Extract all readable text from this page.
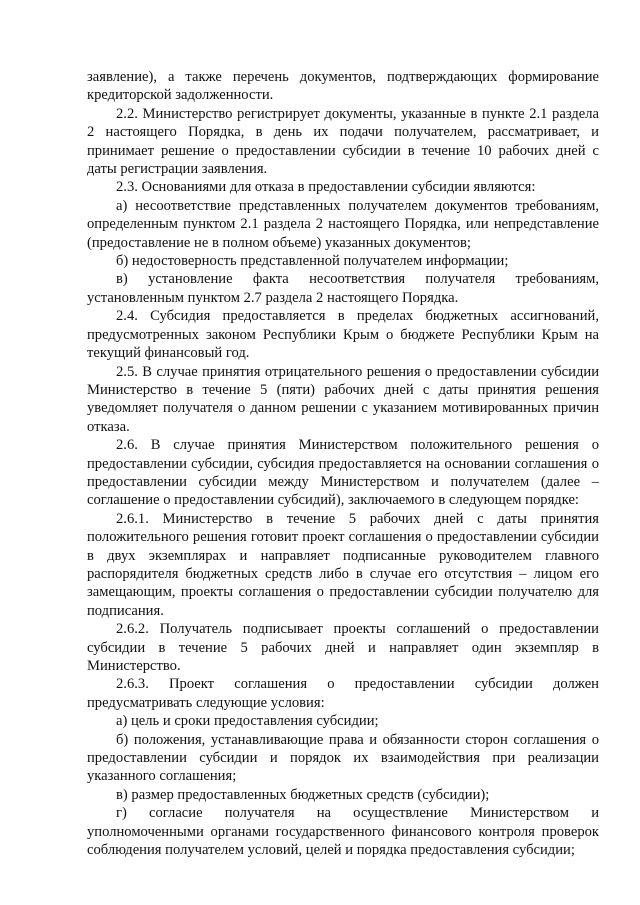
заявление), а также перечень документов, подтверждающих формирование кредиторской задолженности.

2.2. Министерство регистрирует документы, указанные в пункте 2.1 раздела 2 настоящего Порядка, в день их подачи получателем, рассматривает, и принимает решение о предоставлении субсидии в течение 10 рабочих дней с даты регистрации заявления.

2.3. Основаниями для отказа в предоставлении субсидии являются:

а) несоответствие представленных получателем документов требованиям, определенным пунктом 2.1 раздела 2 настоящего Порядка, или непредставление (предоставление не в полном объеме) указанных документов;

б) недостоверность представленной получателем информации;

в) установление факта несоответствия получателя требованиям, установленным пунктом 2.7 раздела 2 настоящего Порядка.

2.4. Субсидия предоставляется в пределах бюджетных ассигнований, предусмотренных законом Республики Крым о бюджете Республики Крым на текущий финансовый год.

2.5. В случае принятия отрицательного решения о предоставлении субсидии Министерство в течение 5 (пяти) рабочих дней с даты принятия решения уведомляет получателя о данном решении с указанием мотивированных причин отказа.

2.6. В случае принятия Министерством положительного решения о предоставлении субсидии, субсидия предоставляется на основании соглашения о предоставлении субсидии между Министерством и получателем (далее – соглашение о предоставлении субсидий), заключаемого в следующем порядке:

2.6.1. Министерство в течение 5 рабочих дней с даты принятия положительного решения готовит проект соглашения о предоставлении субсидии в двух экземплярах и направляет подписанные руководителем главного распорядителя бюджетных средств либо в случае его отсутствия – лицом его замещающим, проекты соглашения о предоставлении субсидии получателю для подписания.

2.6.2. Получатель подписывает проекты соглашений о предоставлении субсидии в течение 5 рабочих дней и направляет один экземпляр в Министерство.

2.6.3. Проект соглашения о предоставлении субсидии должен предусматривать следующие условия:

а) цель и сроки предоставления субсидии;

б) положения, устанавливающие права и обязанности сторон соглашения о предоставлении субсидии и порядок их взаимодействия при реализации указанного соглашения;

в) размер предоставленных бюджетных средств (субсидии);

г) согласие получателя на осуществление Министерством и уполномоченными органами государственного финансового контроля проверок соблюдения получателем условий, целей и порядка предоставления субсидии;
